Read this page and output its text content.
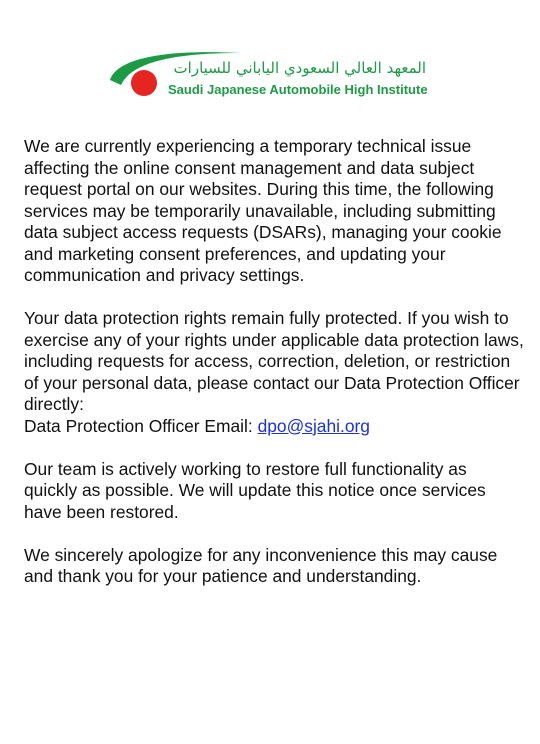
المعهد العالي السعودي الياباني للسيارات
Saudi Japanese Automobile High Institute

We are currently experiencing a temporary technical issue affecting the online consent management and data subject request portal on our websites. During this time, the following services may be temporarily unavailable, including submitting data subject access requests (DSARs), managing your cookie and marketing consent preferences, and updating your communication and privacy settings.

Your data protection rights remain fully protected. If you wish to exercise any of your rights under applicable data protection laws, including requests for access, correction, deletion, or restriction of your personal data, please contact our Data Protection Officer directly:
Data Protection Officer Email: dpo@sjahi.org

Our team is actively working to restore full functionality as quickly as possible. We will update this notice once services have been restored.

We sincerely apologize for any inconvenience this may cause and thank you for your patience and understanding.
